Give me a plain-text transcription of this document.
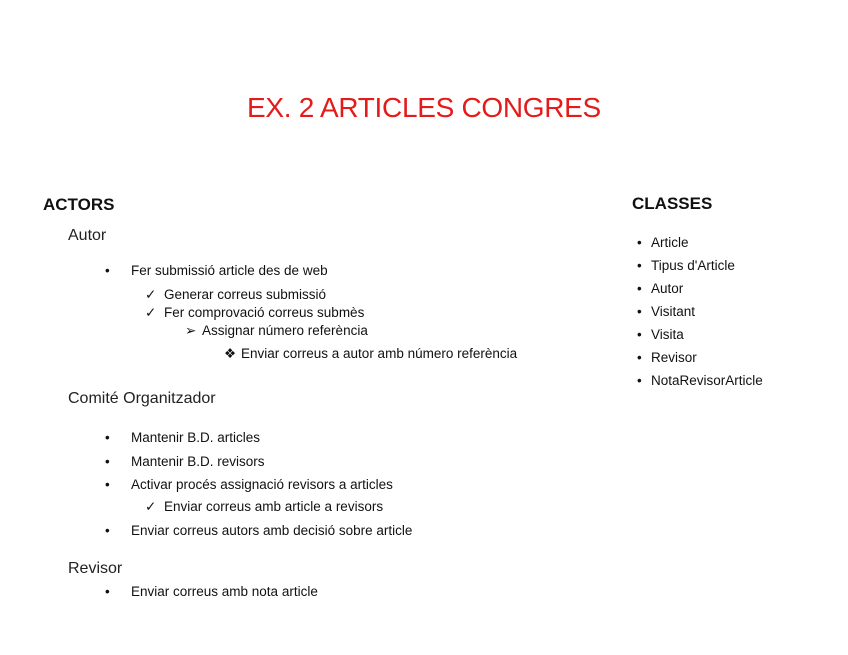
EX. 2 ARTICLES CONGRES
ACTORS
Autor
• Fer submissió article des de web
✓ Generar correus submissió
✓ Fer comprovació correus submès
➢ Assignar número referència
❖ Enviar correus a autor amb número referència
Comité Organitzador
• Mantenir B.D. articles
• Mantenir B.D. revisors
• Activar procés assignació revisors a articles
✓ Enviar correus amb article a revisors
• Enviar correus autors amb decisió sobre article
Revisor
• Enviar correus amb nota article
CLASSES
• Article
• Tipus d'Article
• Autor
• Visitant
• Visita
• Revisor
• NotaRevisorArticle
